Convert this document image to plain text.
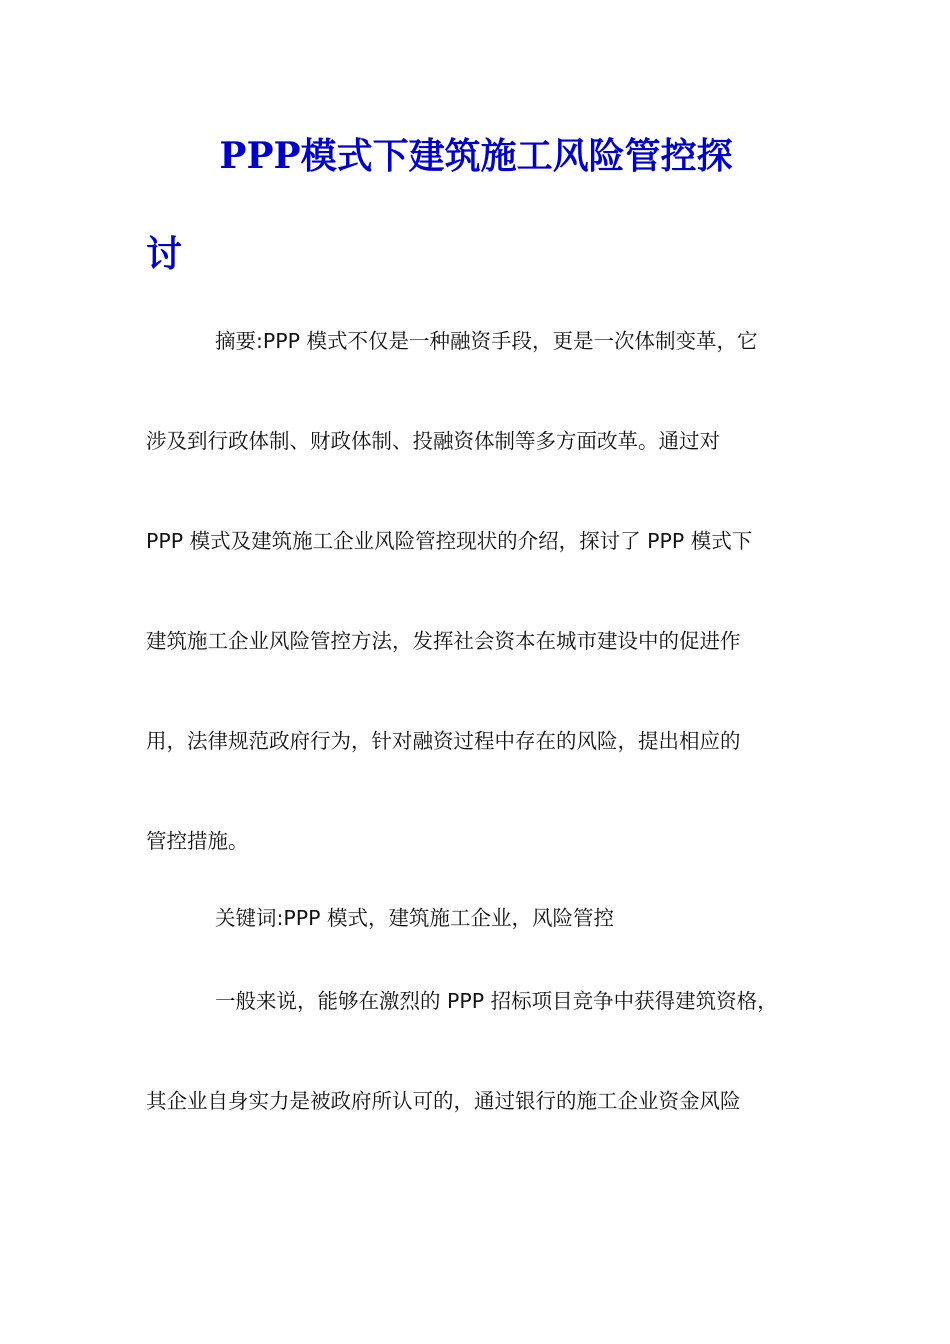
PPP模式下建筑施工风险管控探
讨

摘要:PPP 模式不仅是一种融资手段，更是一次体制变革，它

涉及到行政体制、财政体制、投融资体制等多方面改革。通过对

PPP 模式及建筑施工企业风险管控现状的介绍，探讨了 PPP 模式下

建筑施工企业风险管控方法，发挥社会资本在城市建设中的促进作

用，法律规范政府行为，针对融资过程中存在的风险，提出相应的

管控措施。

关键词:PPP 模式，建筑施工企业，风险管控

一般来说，能够在激烈的 PPP 招标项目竞争中获得建筑资格，

其企业自身实力是被政府所认可的，通过银行的施工企业资金风险
